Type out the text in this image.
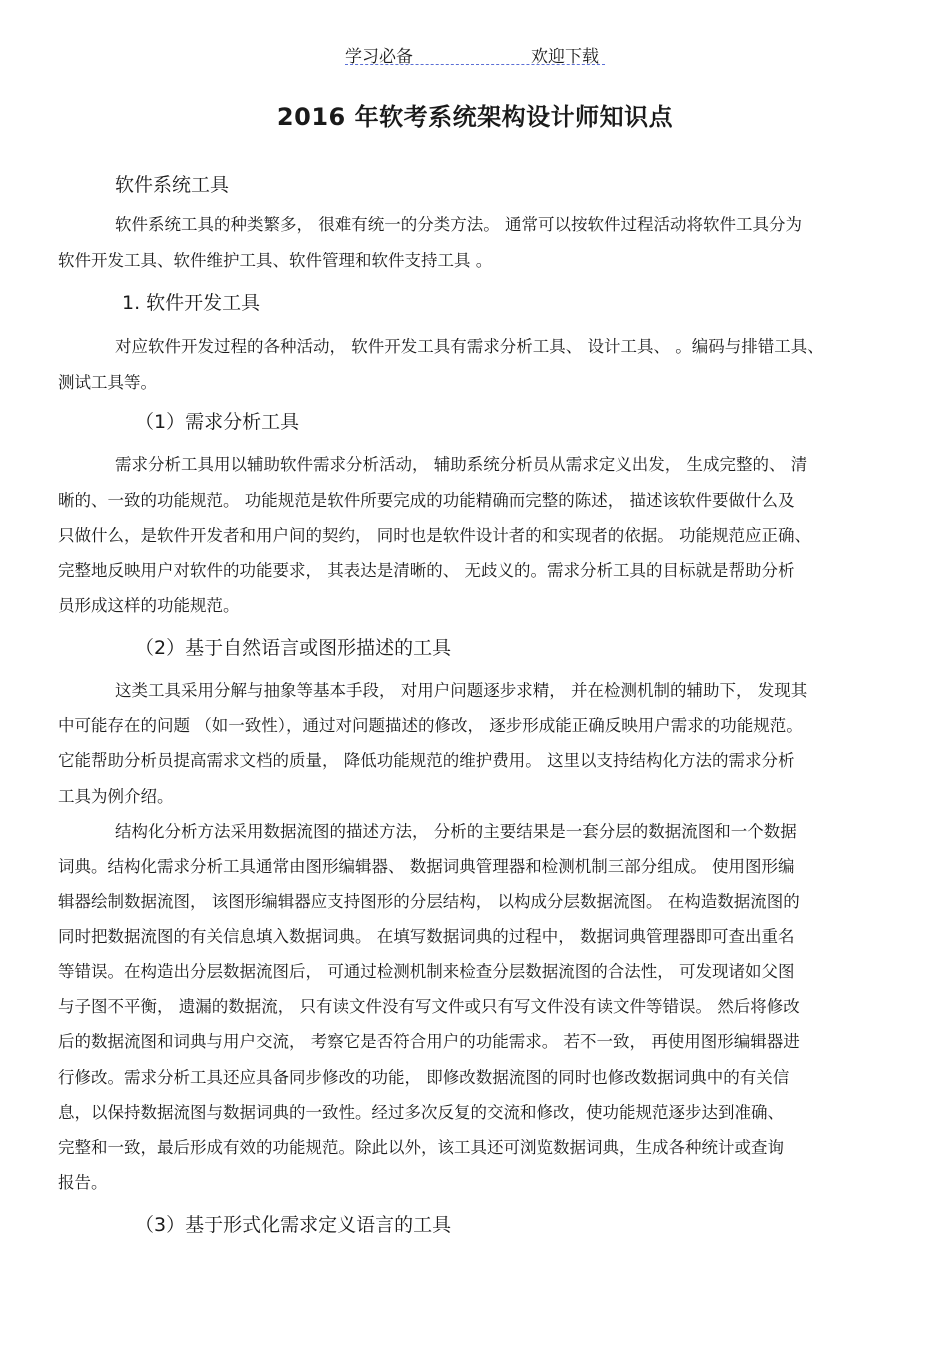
学习必备	欢迎下载
2016 年软考系统架构设计师知识点
软件系统工具
软件系统工具的种类繁多， 很难有统一的分类方法。 通常可以按软件过程活动将软件工具分为
软件开发工具、软件维护工具、软件管理和软件支持工具 。
1. 软件开发工具
对应软件开发过程的各种活动， 软件开发工具有需求分析工具、 设计工具、 。编码与排错工具、
测试工具等。
（1）需求分析工具
需求分析工具用以辅助软件需求分析活动， 辅助系统分析员从需求定义出发， 生成完整的、 清
晰的、一致的功能规范。 功能规范是软件所要完成的功能精确而完整的陈述， 描述该软件要做什么及
只做什么，是软件开发者和用户间的契约， 同时也是软件设计者的和实现者的依据。 功能规范应正确、
完整地反映用户对软件的功能要求， 其表达是清晰的、 无歧义的。需求分析工具的目标就是帮助分析
员形成这样的功能规范。
（2）基于自然语言或图形描述的工具
这类工具采用分解与抽象等基本手段， 对用户问题逐步求精， 并在检测机制的辅助下， 发现其
中可能存在的问题 （如一致性），通过对问题描述的修改， 逐步形成能正确反映用户需求的功能规范。
它能帮助分析员提高需求文档的质量， 降低功能规范的维护费用。 这里以支持结构化方法的需求分析
工具为例介绍。
结构化分析方法采用数据流图的描述方法， 分析的主要结果是一套分层的数据流图和一个数据
词典。结构化需求分析工具通常由图形编辑器、 数据词典管理器和检测机制三部分组成。 使用图形编
辑器绘制数据流图， 该图形编辑器应支持图形的分层结构， 以构成分层数据流图。 在构造数据流图的
同时把数据流图的有关信息填入数据词典。 在填写数据词典的过程中， 数据词典管理器即可查出重名
等错误。在构造出分层数据流图后， 可通过检测机制来检查分层数据流图的合法性， 可发现诸如父图
与子图不平衡， 遗漏的数据流， 只有读文件没有写文件或只有写文件没有读文件等错误。 然后将修改
后的数据流图和词典与用户交流， 考察它是否符合用户的功能需求。 若不一致， 再使用图形编辑器进
行修改。需求分析工具还应具备同步修改的功能， 即修改数据流图的同时也修改数据词典中的有关信
息，以保持数据流图与数据词典的一致性。经过多次反复的交流和修改，使功能规范逐步达到准确、
完整和一致，最后形成有效的功能规范。除此以外，该工具还可浏览数据词典，生成各种统计或查询
报告。
（3）基于形式化需求定义语言的工具
